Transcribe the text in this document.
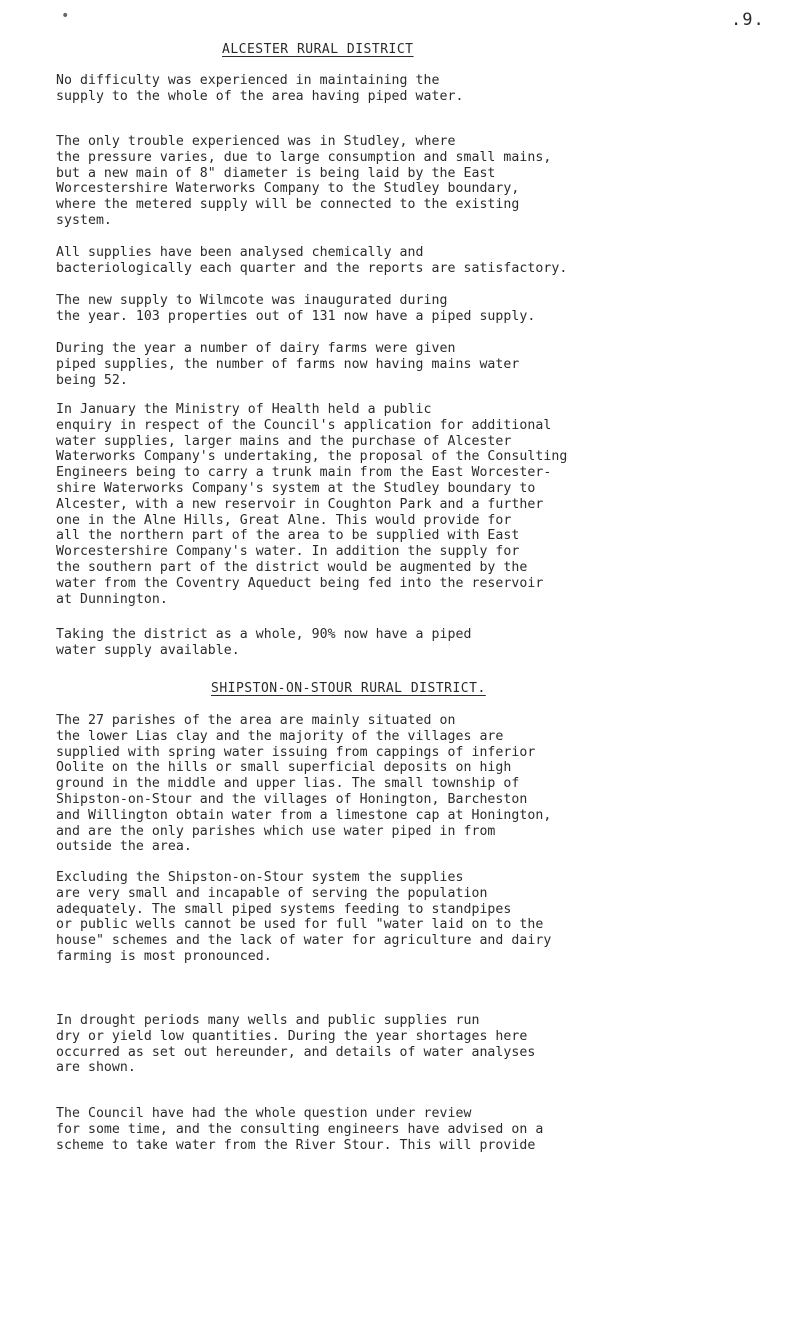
•	.9.
ALCESTER RURAL DISTRICT
No difficulty was experienced in maintaining the
supply to the whole of the area having piped water.
The only trouble experienced was in Studley, where
the pressure varies, due to large consumption and small mains,
but a new main of 8" diameter is being laid by the East
Worcestershire Waterworks Company to the Studley boundary,
where the metered supply will be connected to the existing
system.
All supplies have been analysed chemically and
bacteriologically each quarter and the reports are satisfactory.
The new supply to Wilmcote was inaugurated during
the year. 103 properties out of 131 now have a piped supply.
During the year a number of dairy farms were given
piped supplies, the number of farms now having mains water
being 52.
In January the Ministry of Health held a public
enquiry in respect of the Council's application for additional
water supplies, larger mains and the purchase of Alcester
Waterworks Company's undertaking, the proposal of the Consulting
Engineers being to carry a trunk main from the East Worcester-
shire Waterworks Company's system at the Studley boundary to
Alcester, with a new reservoir in Coughton Park and a further
one in the Alne Hills, Great Alne. This would provide for
all the northern part of the area to be supplied with East
Worcestershire Company's water. In addition the supply for
the southern part of the district would be augmented by the
water from the Coventry Aqueduct being fed into the reservoir
at Dunnington.
Taking the district as a whole, 90% now have a piped
water supply available.
SHIPSTON-ON-STOUR RURAL DISTRICT.
The 27 parishes of the area are mainly situated on
the lower Lias clay and the majority of the villages are
supplied with spring water issuing from cappings of inferior
Oolite on the hills or small superficial deposits on high
ground in the middle and upper lias. The small township of
Shipston-on-Stour and the villages of Honington, Barcheston
and Willington obtain water from a limestone cap at Honington,
and are the only parishes which use water piped in from
outside the area.
Excluding the Shipston-on-Stour system the supplies
are very small and incapable of serving the population
adequately. The small piped systems feeding to standpipes
or public wells cannot be used for full "water laid on to the
house" schemes and the lack of water for agriculture and dairy
farming is most pronounced.
In drought periods many wells and public supplies run
dry or yield low quantities. During the year shortages here
occurred as set out hereunder, and details of water analyses
are shown.
The Council have had the whole question under review
for some time, and the consulting engineers have advised on a
scheme to take water from the River Stour. This will provide
